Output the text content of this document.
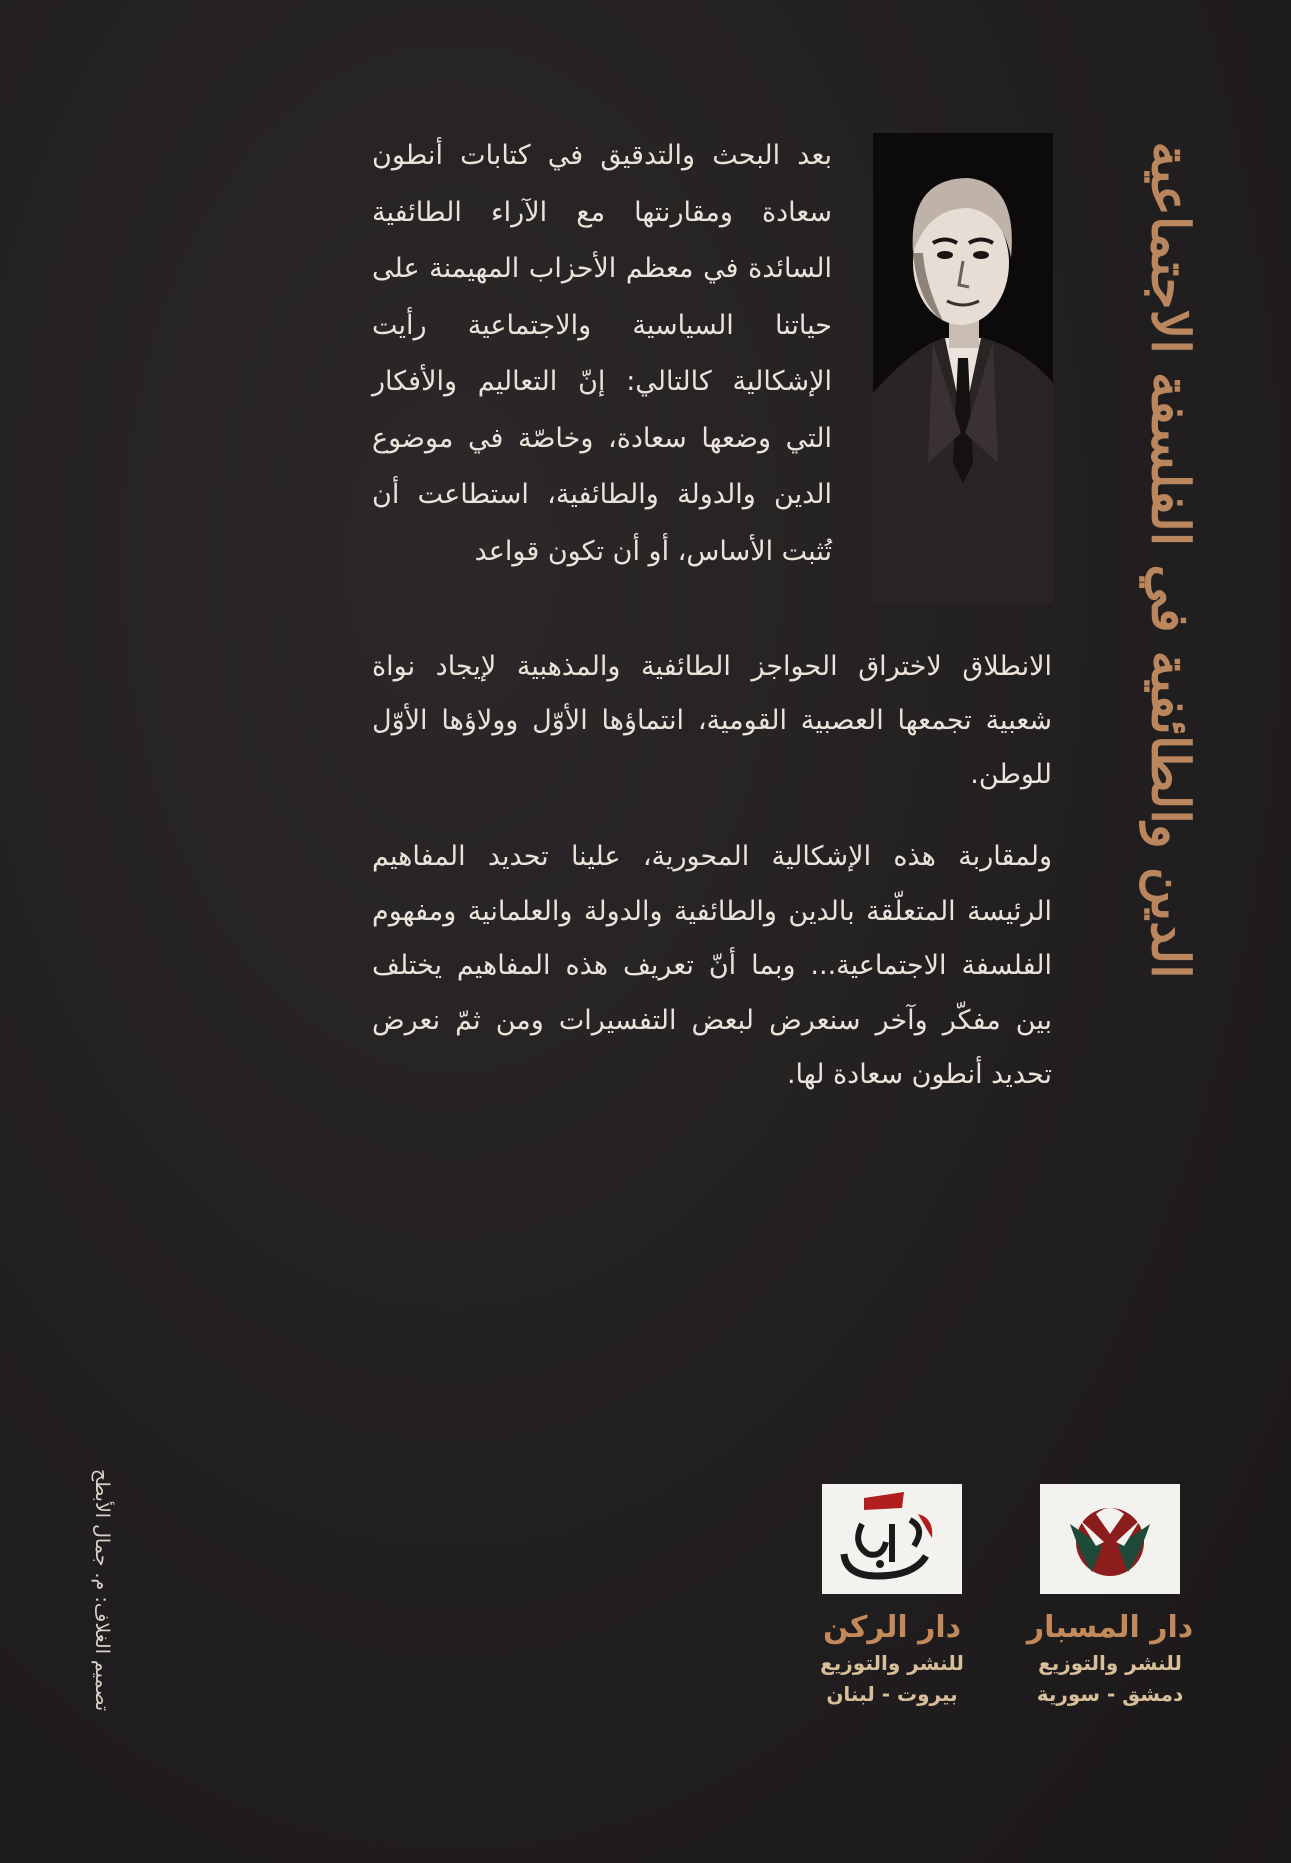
الدين والطائفية في الفلسفة الاجتماعية

بعد البحث والتدقيق في كتابات أنطون سعادة ومقارنتها مع الآراء الطائفية السائدة في معظم الأحزاب المهيمنة على حياتنا السياسية والاجتماعية رأيت الإشكالية كالتالي: إنّ التعاليم والأفكار التي وضعها سعادة، وخاصّة في موضوع الدين والدولة والطائفية، استطاعت أن تُثبت الأساس، أو أن تكون قواعد

الانطلاق لاختراق الحواجز الطائفية والمذهبية لإيجاد نواة شعبية تجمعها العصبية القومية، انتماؤها الأوّل وولاؤها الأوّل للوطن.

ولمقاربة هذه الإشكالية المحورية، علينا تحديد المفاهيم الرئيسة المتعلّقة بالدين والطائفية والدولة والعلمانية ومفهوم الفلسفة الاجتماعية... وبما أنّ تعريف هذه المفاهيم يختلف بين مفكّر وآخر سنعرض لبعض التفسيرات ومن ثمّ نعرض تحديد أنطون سعادة لها.

تصميم الغلاف: م. جمال الأبطح	دار المسبار
للنشر والتوزيع
دمشق - سورية
دار الركن
للنشر والتوزيع
بيروت - لبنان
